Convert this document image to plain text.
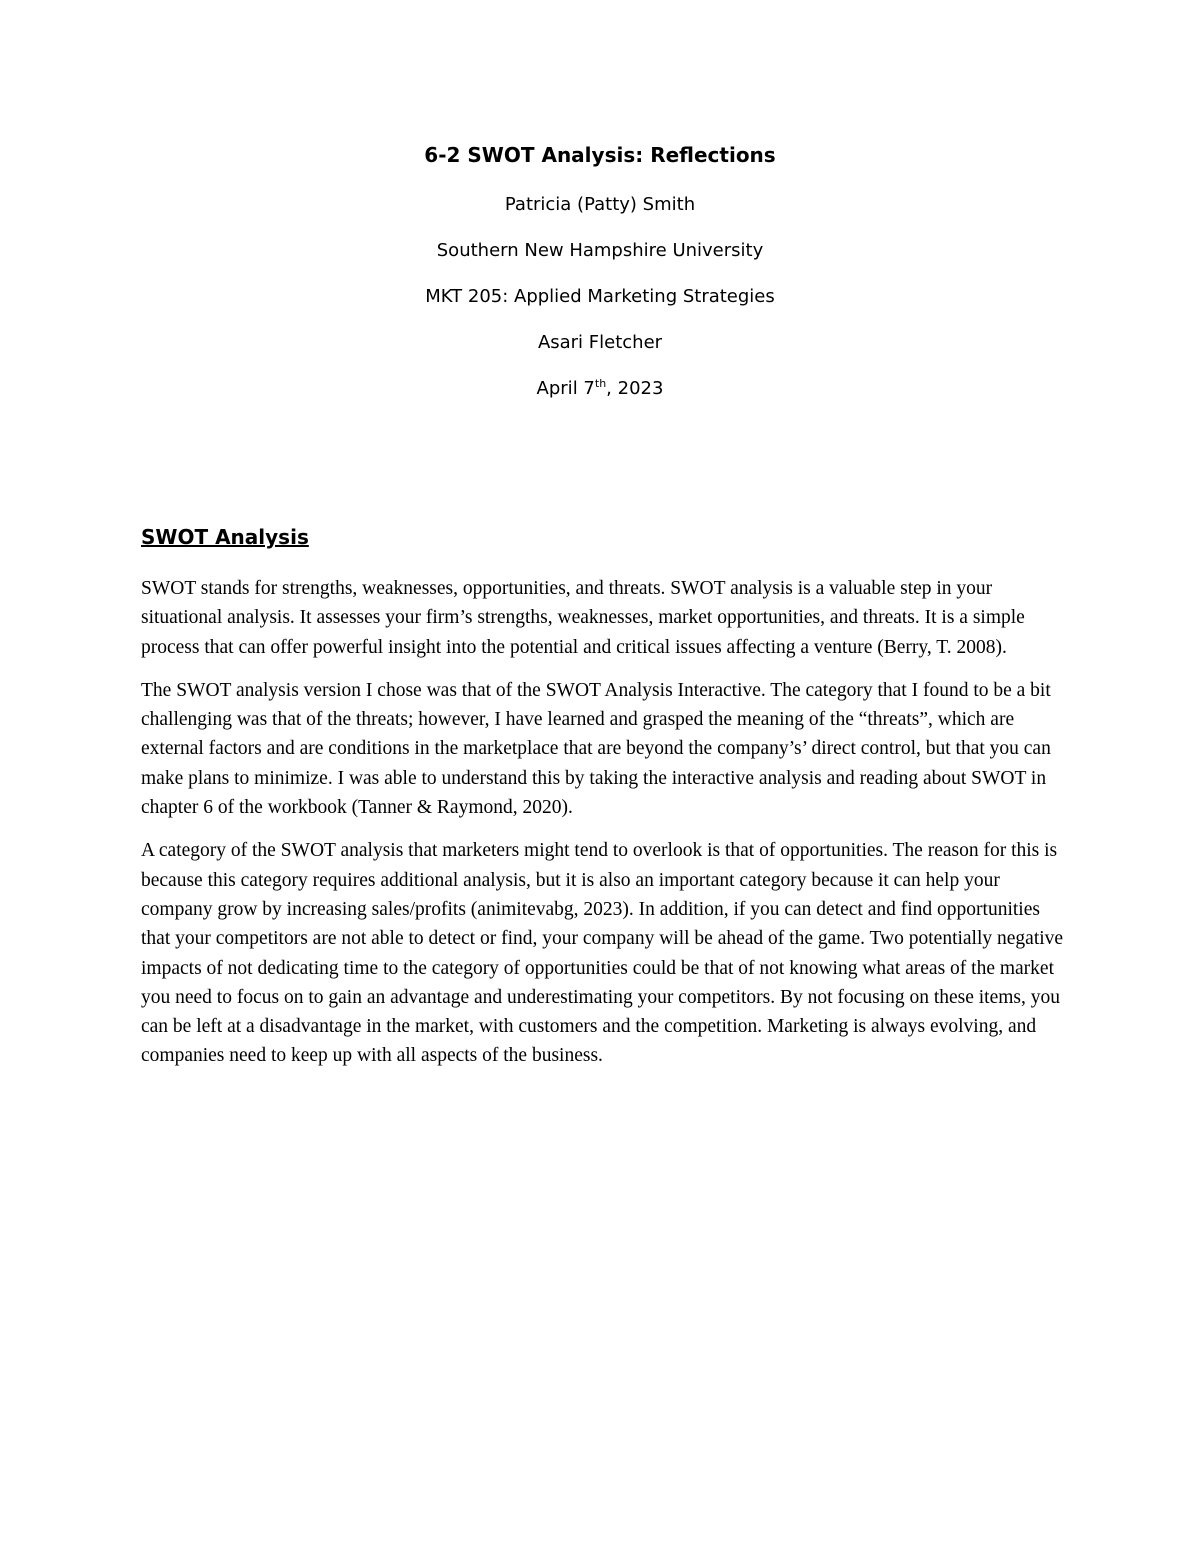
6-2 SWOT Analysis: Reflections
Patricia (Patty) Smith
Southern New Hampshire University
MKT 205: Applied Marketing Strategies
Asari Fletcher
April 7th, 2023
SWOT Analysis

SWOT stands for strengths, weaknesses, opportunities, and threats. SWOT analysis is a valuable step in your situational analysis. It assesses your firm’s strengths, weaknesses, market opportunities, and threats. It is a simple process that can offer powerful insight into the potential and critical issues affecting a venture (Berry, T. 2008).

The SWOT analysis version I chose was that of the SWOT Analysis Interactive. The category that I found to be a bit challenging was that of the threats; however, I have learned and grasped the meaning of the “threats”, which are external factors and are conditions in the marketplace that are beyond the company’s’ direct control, but that you can make plans to minimize. I was able to understand this by taking the interactive analysis and reading about SWOT in chapter 6 of the workbook (Tanner & Raymond, 2020).

A category of the SWOT analysis that marketers might tend to overlook is that of opportunities. The reason for this is because this category requires additional analysis, but it is also an important category because it can help your company grow by increasing sales/profits (animitevabg, 2023). In addition, if you can detect and find opportunities that your competitors are not able to detect or find, your company will be ahead of the game. Two potentially negative impacts of not dedicating time to the category of opportunities could be that of not knowing what areas of the market you need to focus on to gain an advantage and underestimating your competitors. By not focusing on these items, you can be left at a disadvantage in the market, with customers and the competition. Marketing is always evolving, and companies need to keep up with all aspects of the business.
